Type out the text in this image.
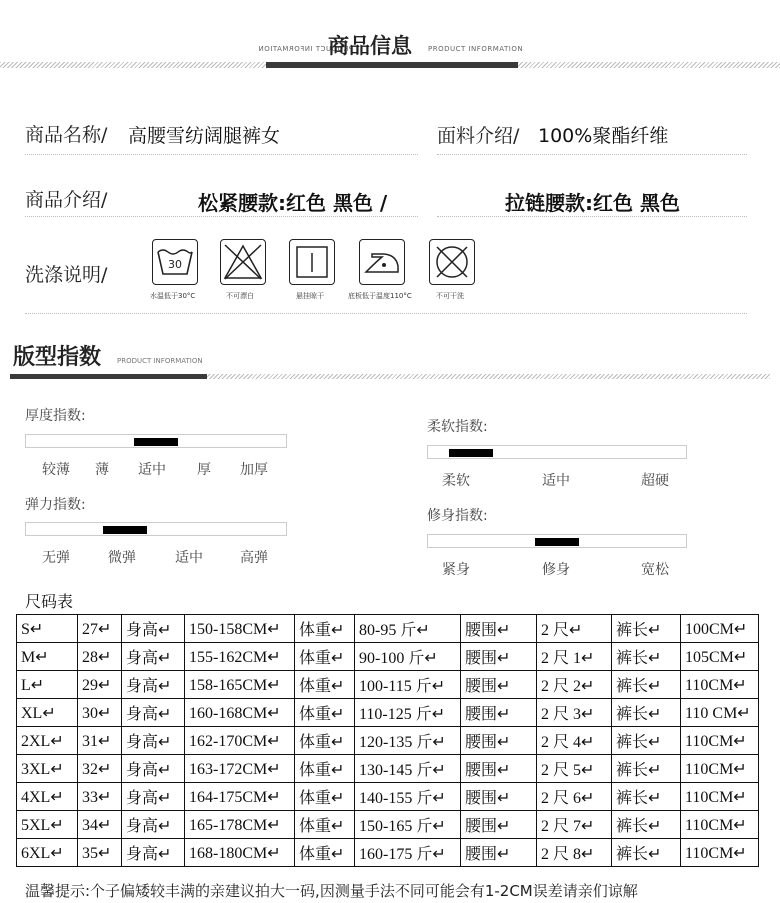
PRODUCT INFORMATION
商品信息 PRODUCT INFORMATION
商品名称/ 高腰雪纺阔腿裤女	面料介绍/ 100%聚酯纤维
商品介绍/	松紧腰款:红色 黑色 /	拉链腰款:红色 黑色
洗涤说明/	30
水温低于30°C	不可漂白	悬挂晾干	底板低于温度110°C	不可干洗
版型指数 PRODUCT INFORMATION
厚度指数:
较薄 薄 适中 厚 加厚
弹力指数:
无弹	微弹	适中	高弹
柔软指数:
柔软	适中	超硬
修身指数:
紧身	修身	宽松
尺码表
S↵	27↵	身高↵	150-158CM↵	体重↵	80-95 斤↵	腰围↵	2 尺↵	裤长↵	100CM↵
M↵	28↵	身高↵	155-162CM↵	体重↵	90-100 斤↵	腰围↵	2 尺 1↵	裤长↵	105CM↵
L↵	29↵	身高↵	158-165CM↵	体重↵	100-115 斤↵	腰围↵	2 尺 2↵	裤长↵	110CM↵
XL↵	30↵	身高↵	160-168CM↵	体重↵	110-125 斤↵	腰围↵	2 尺 3↵	裤长↵	110 CM↵
2XL↵	31↵	身高↵	162-170CM↵	体重↵	120-135 斤↵	腰围↵	2 尺 4↵	裤长↵	110CM↵
3XL↵	32↵	身高↵	163-172CM↵	体重↵	130-145 斤↵	腰围↵	2 尺 5↵	裤长↵	110CM↵
4XL↵	33↵	身高↵	164-175CM↵	体重↵	140-155 斤↵	腰围↵	2 尺 6↵	裤长↵	110CM↵
5XL↵	34↵	身高↵	165-178CM↵	体重↵	150-165 斤↵	腰围↵	2 尺 7↵	裤长↵	110CM↵
6XL↵	35↵	身高↵	168-180CM↵	体重↵	160-175 斤↵	腰围↵	2 尺 8↵	裤长↵	110CM↵
温馨提示:个子偏矮较丰满的亲建议拍大一码,因测量手法不同可能会有1-2CM误差请亲们谅解
